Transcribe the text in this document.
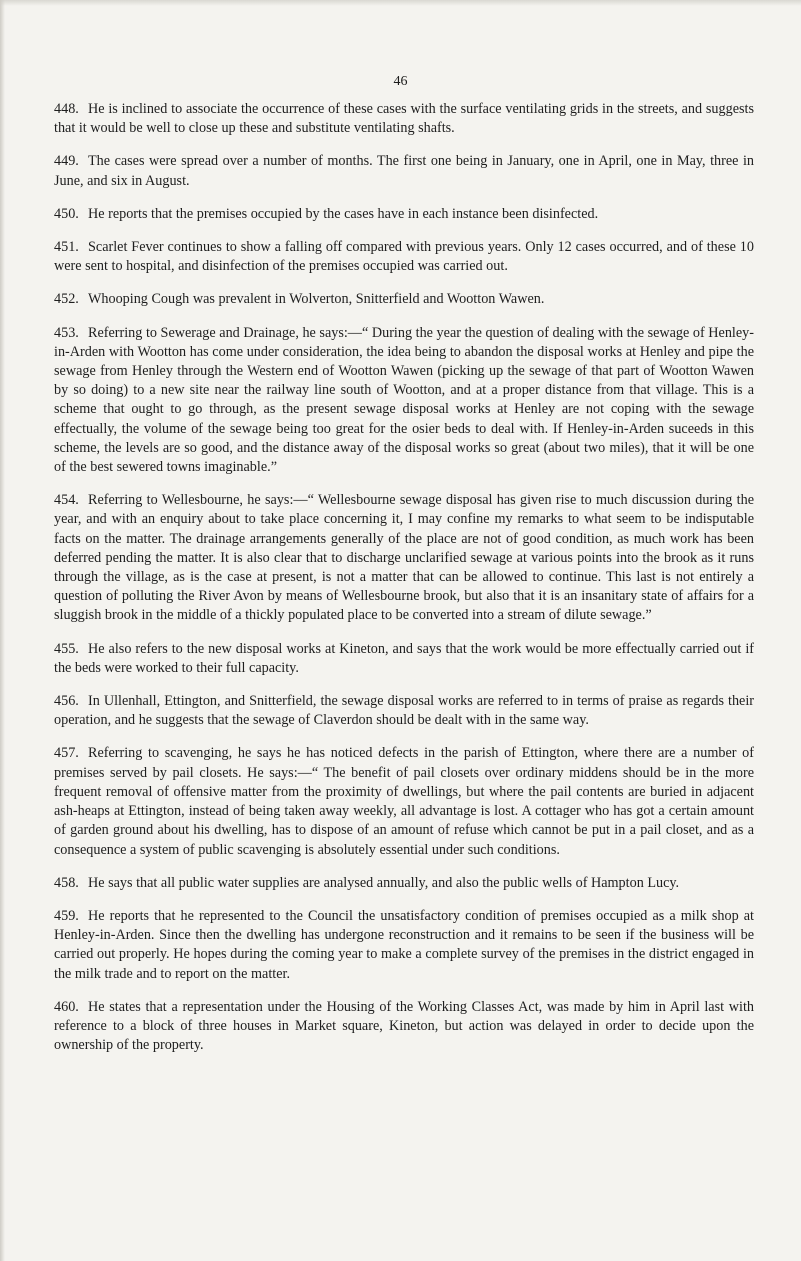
46

448. He is inclined to associate the occurrence of these cases with the surface ventilating grids in the streets, and suggests that it would be well to close up these and substitute ventilating shafts.

449. The cases were spread over a number of months. The first one being in January, one in April, one in May, three in June, and six in August.

450. He reports that the premises occupied by the cases have in each instance been disinfected.

451. Scarlet Fever continues to show a falling off compared with previous years. Only 12 cases occurred, and of these 10 were sent to hospital, and disinfection of the premises occupied was carried out.

452. Whooping Cough was prevalent in Wolverton, Snitterfield and Wootton Wawen.

453. Referring to Sewerage and Drainage, he says:—“ During the year the question of dealing with the sewage of Henley-in-Arden with Wootton has come under consideration, the idea being to abandon the disposal works at Henley and pipe the sewage from Henley through the Western end of Wootton Wawen (picking up the sewage of that part of Wootton Wawen by so doing) to a new site near the railway line south of Wootton, and at a proper distance from that village. This is a scheme that ought to go through, as the present sewage disposal works at Henley are not coping with the sewage effectually, the volume of the sewage being too great for the osier beds to deal with. If Henley-in-Arden suceeds in this scheme, the levels are so good, and the distance away of the disposal works so great (about two miles), that it will be one of the best sewered towns imaginable.”

454. Referring to Wellesbourne, he says:—“ Wellesbourne sewage disposal has given rise to much discussion during the year, and with an enquiry about to take place concerning it, I may confine my remarks to what seem to be indisputable facts on the matter. The drainage arrangements generally of the place are not of good condition, as much work has been deferred pending the matter. It is also clear that to discharge unclarified sewage at various points into the brook as it runs through the village, as is the case at present, is not a matter that can be allowed to continue. This last is not entirely a question of polluting the River Avon by means of Wellesbourne brook, but also that it is an insanitary state of affairs for a sluggish brook in the middle of a thickly populated place to be converted into a stream of dilute sewage.”

455. He also refers to the new disposal works at Kineton, and says that the work would be more effectually carried out if the beds were worked to their full capacity.

456. In Ullenhall, Ettington, and Snitterfield, the sewage disposal works are referred to in terms of praise as regards their operation, and he suggests that the sewage of Claverdon should be dealt with in the same way.

457. Referring to scavenging, he says he has noticed defects in the parish of Ettington, where there are a number of premises served by pail closets. He says:—“ The benefit of pail closets over ordinary middens should be in the more frequent removal of offensive matter from the proximity of dwellings, but where the pail contents are buried in adjacent ash-heaps at Ettington, instead of being taken away weekly, all advantage is lost. A cottager who has got a certain amount of garden ground about his dwelling, has to dispose of an amount of refuse which cannot be put in a pail closet, and as a consequence a system of public scavenging is absolutely essential under such conditions.

458. He says that all public water supplies are analysed annually, and also the public wells of Hampton Lucy.

459. He reports that he represented to the Council the unsatisfactory condition of premises occupied as a milk shop at Henley-in-Arden. Since then the dwelling has undergone reconstruction and it remains to be seen if the business will be carried out properly. He hopes during the coming year to make a complete survey of the premises in the district engaged in the milk trade and to report on the matter.

460. He states that a representation under the Housing of the Working Classes Act, was made by him in April last with reference to a block of three houses in Market square, Kineton, but action was delayed in order to decide upon the ownership of the property.
